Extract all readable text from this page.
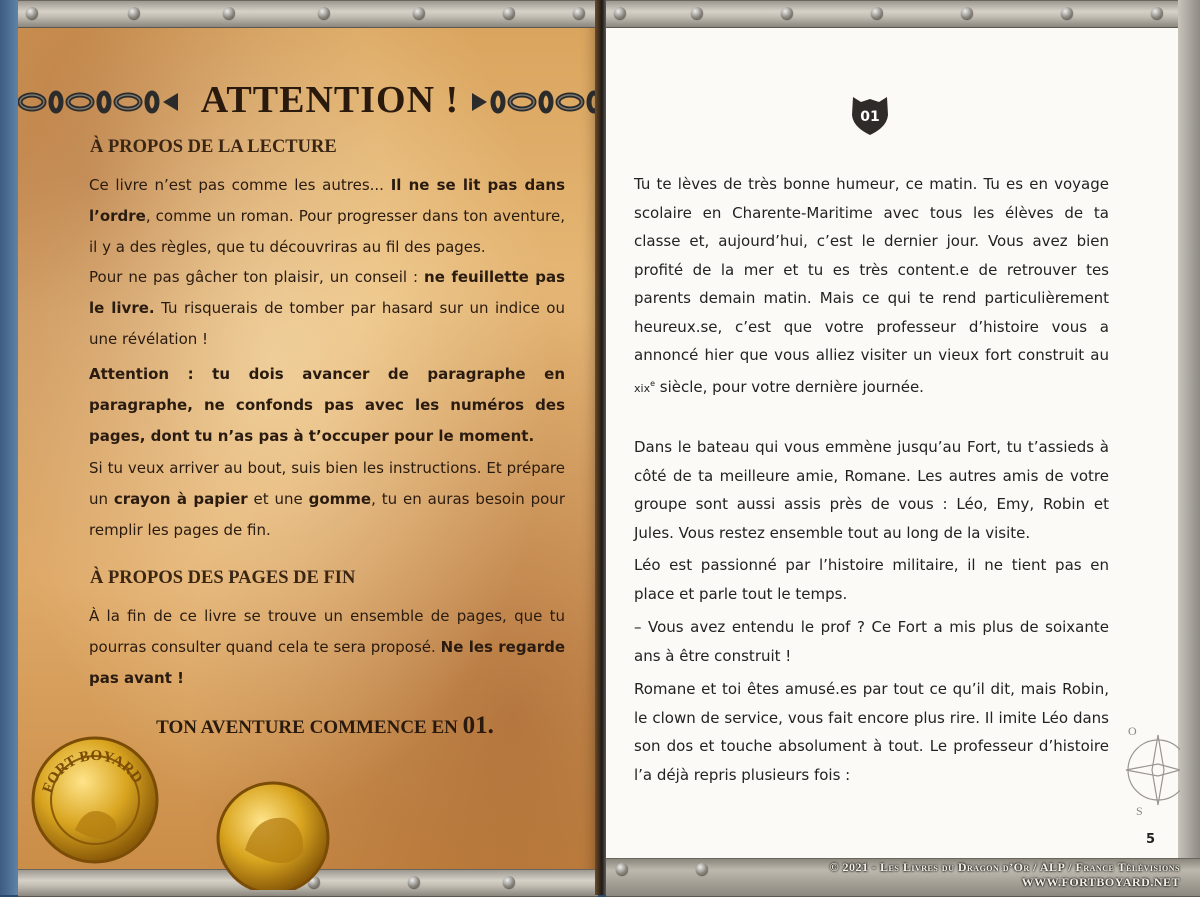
ATTENTION !
À PROPOS DE LA LECTURE
Ce livre n’est pas comme les autres... Il ne se lit pas dans l’ordre, comme un roman. Pour progresser dans ton aventure, il y a des règles, que tu découvriras au fil des pages.
Pour ne pas gâcher ton plaisir, un conseil : ne feuillette pas le livre. Tu risquerais de tomber par hasard sur un indice ou une révélation !
Attention : tu dois avancer de paragraphe en paragraphe, ne confonds pas avec les numéros des pages, dont tu n’as pas à t’occuper pour le moment.
Si tu veux arriver au bout, suis bien les instructions. Et prépare un crayon à papier et une gomme, tu en auras besoin pour remplir les pages de fin.
À PROPOS DES PAGES DE FIN
À la fin de ce livre se trouve un ensemble de pages, que tu pourras consulter quand cela te sera proposé. Ne les regarde pas avant !
TON AVENTURE COMMENCE EN 01.
FORT BOYARD
01
Tu te lèves de très bonne humeur, ce matin. Tu es en voyage scolaire en Charente-Maritime avec tous les élèves de ta classe et, aujourd’hui, c’est le dernier jour. Vous avez bien profité de la mer et tu es très content.e de retrouver tes parents demain matin. Mais ce qui te rend particulièrement heureux.se, c’est que votre professeur d’histoire vous a annoncé hier que vous alliez visiter un vieux fort construit au xix$^e$ siècle, pour votre dernière journée.
Dans le bateau qui vous emmène jusqu’au Fort, tu t’assieds à côté de ta meilleure amie, Romane. Les autres amis de votre groupe sont aussi assis près de vous : Léo, Emy, Robin et Jules. Vous restez ensemble tout au long de la visite.
Léo est passionné par l’histoire militaire, il ne tient pas en place et parle tout le temps.
– Vous avez entendu le prof ? Ce Fort a mis plus de soixante ans à être construit !
Romane et toi êtes amusé.es par tout ce qu’il dit, mais Robin, le clown de service, vous fait encore plus rire. Il imite Léo dans son dos et touche absolument à tout. Le professeur d’histoire l’a déjà repris plusieurs fois :
O
S
5
© 2021 - Les Livres du Dragon d’Or / ALP / France Télévisions
WWW.FORTBOYARD.NET
